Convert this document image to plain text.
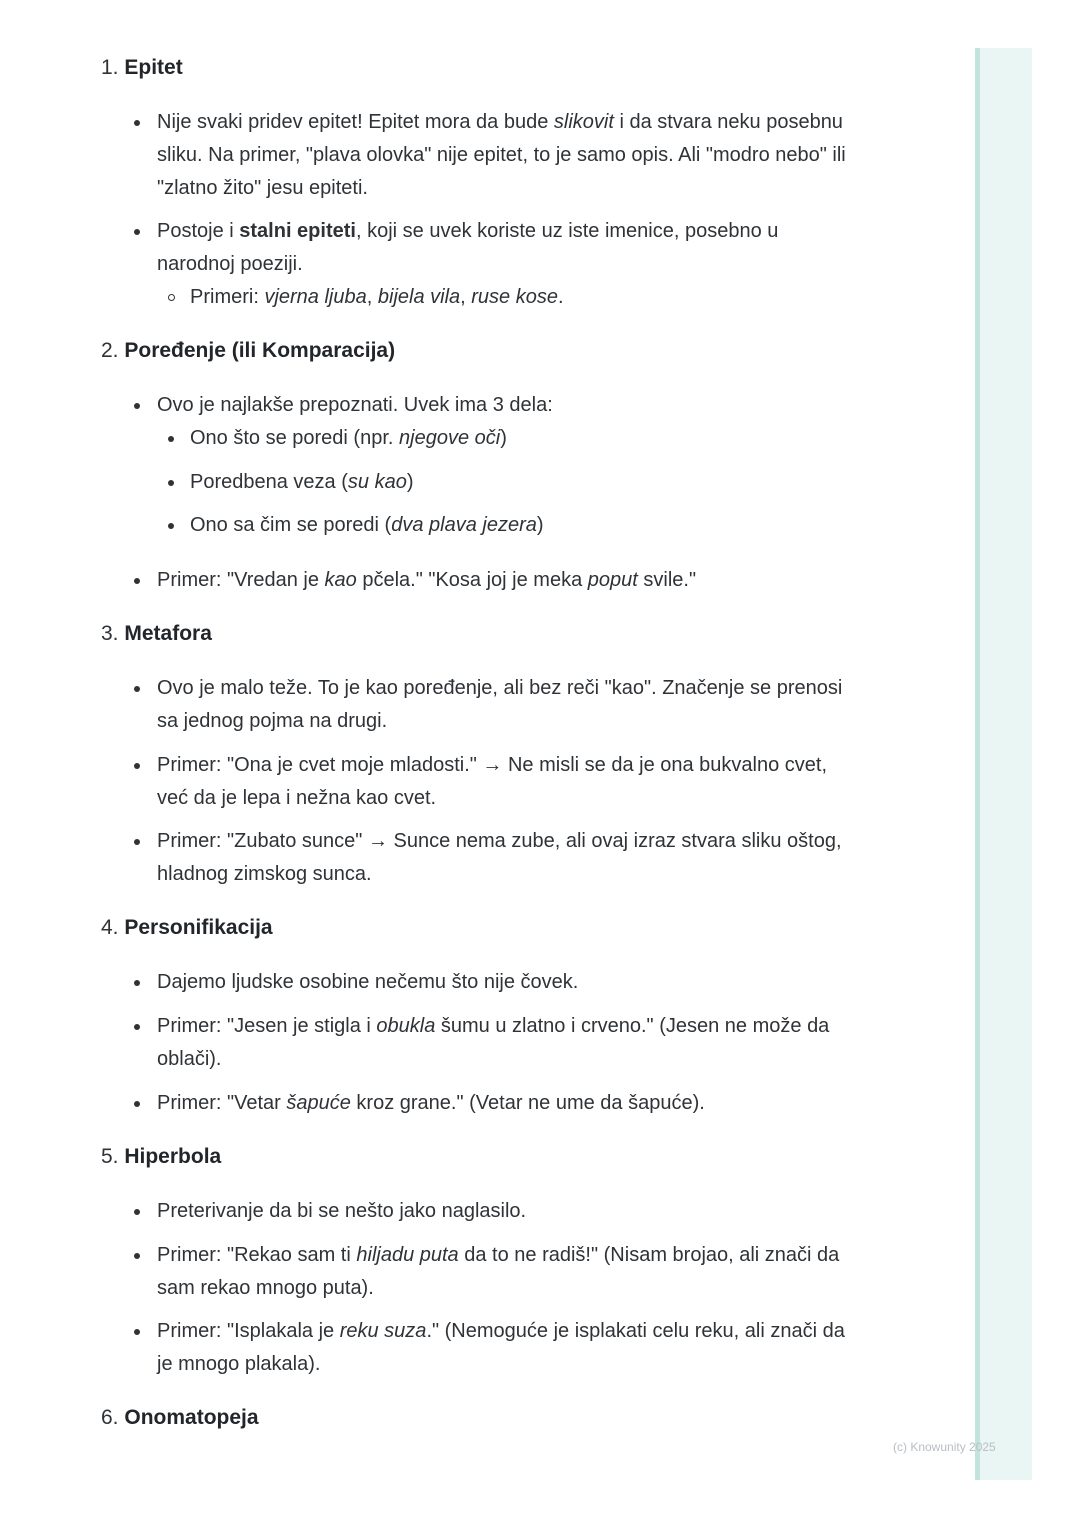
1. Epitet
Nije svaki pridev epitet! Epitet mora da bude slikovit i da stvara neku posebnu sliku. Na primer, "plava olovka" nije epitet, to je samo opis. Ali "modro nebo" ili "zlatno žito" jesu epiteti.
Postoje i stalni epiteti, koji se uvek koriste uz iste imenice, posebno u narodnoj poeziji.
Primeri: vjerna ljuba, bijela vila, ruse kose.
2. Poređenje (ili Komparacija)
Ovo je najlakše prepoznati. Uvek ima 3 dela:
Ono što se poredi (npr. njegove oči)
Poredbena veza (su kao)
Ono sa čim se poredi (dva plava jezera)
Primer: "Vredan je kao pčela." "Kosa joj je meka poput svile."
3. Metafora
Ovo je malo teže. To je kao poređenje, ali bez reči "kao". Značenje se prenosi sa jednog pojma na drugi.
Primer: "Ona je cvet moje mladosti." → Ne misli se da je ona bukvalno cvet, već da je lepa i nežna kao cvet.
Primer: "Zubato sunce" → Sunce nema zube, ali ovaj izraz stvara sliku oštog, hladnog zimskog sunca.
4. Personifikacija
Dajemo ljudske osobine nečemu što nije čovek.
Primer: "Jesen je stigla i obukla šumu u zlatno i crveno." (Jesen ne može da oblači).
Primer: "Vetar šapuće kroz grane." (Vetar ne ume da šapuće).
5. Hiperbola
Preterivanje da bi se nešto jako naglasilo.
Primer: "Rekao sam ti hiljadu puta da to ne radiš!" (Nisam brojao, ali znači da sam rekao mnogo puta).
Primer: "Isplakala je reku suza." (Nemoguće je isplakati celu reku, ali znači da je mnogo plakala).
6. Onomatopeja
(c) Knowunity 2025
